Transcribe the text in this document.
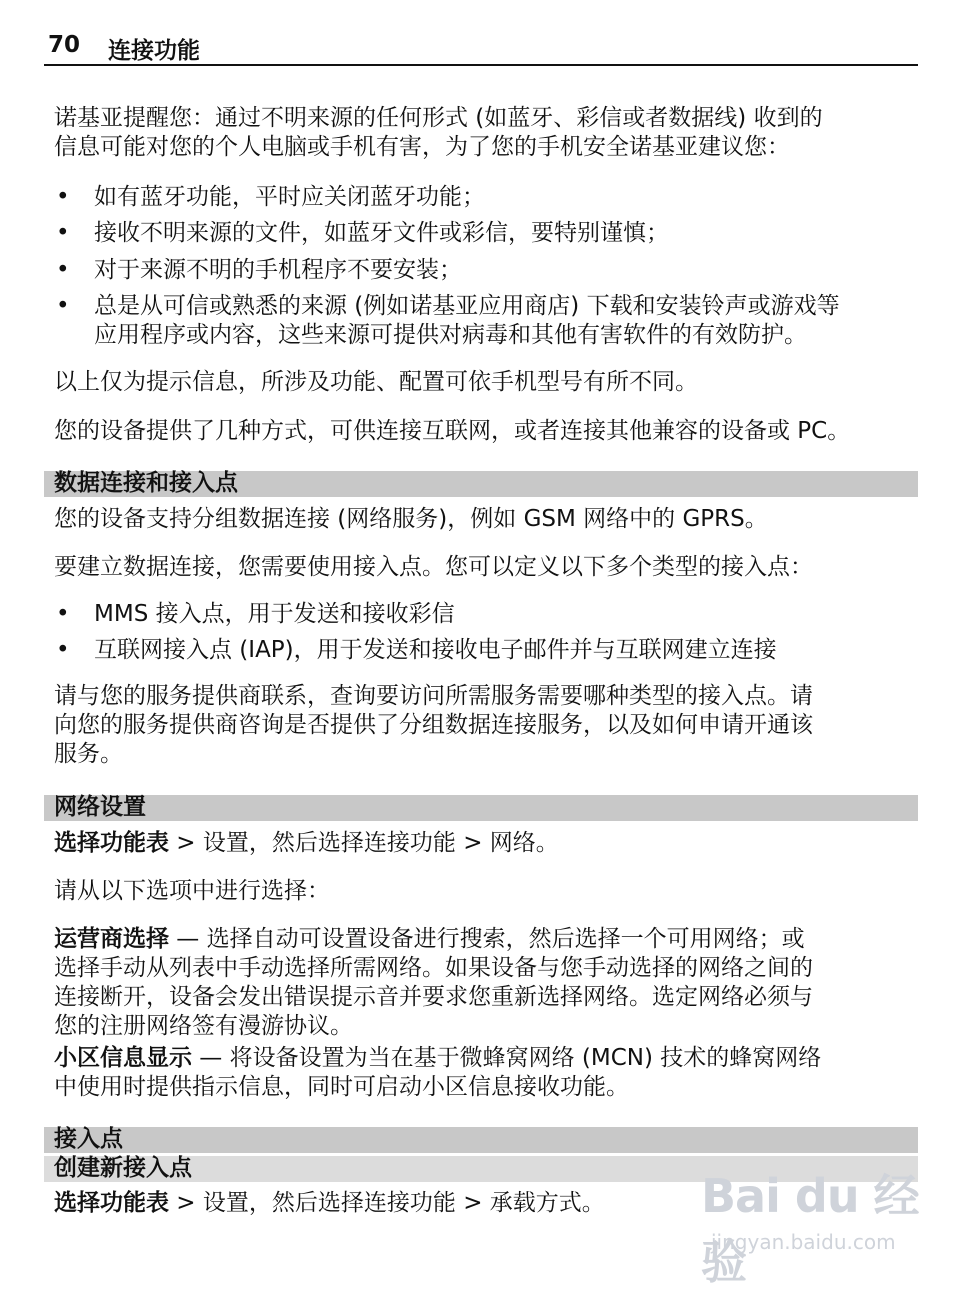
70 连接功能

诺基亚提醒您：通过不明来源的任何形式 (如蓝牙、彩信或者数据线) 收到的
信息可能对您的个人电脑或手机有害，为了您的手机安全诺基亚建议您：

• 如有蓝牙功能，平时应关闭蓝牙功能；
• 接收不明来源的文件，如蓝牙文件或彩信，要特别谨慎；
• 对于来源不明的手机程序不要安装；
• 总是从可信或熟悉的来源 (例如诺基亚应用商店) 下载和安装铃声或游戏等
应用程序或内容，这些来源可提供对病毒和其他有害软件的有效防护。

以上仅为提示信息，所涉及功能、配置可依手机型号有所不同。

您的设备提供了几种方式，可供连接互联网，或者连接其他兼容的设备或 PC。

数据连接和接入点

您的设备支持分组数据连接 (网络服务)，例如 GSM 网络中的 GPRS。

要建立数据连接，您需要使用接入点。您可以定义以下多个类型的接入点：

• MMS 接入点，用于发送和接收彩信
• 互联网接入点 (IAP)，用于发送和接收电子邮件并与互联网建立连接

请与您的服务提供商联系，查询要访问所需服务需要哪种类型的接入点。请
向您的服务提供商咨询是否提供了分组数据连接服务，以及如何申请开通该
服务。

网络设置

选择功能表 > 设置，然后选择连接功能 > 网络。

请从以下选项中进行选择：

运营商选择 — 选择自动可设置设备进行搜索，然后选择一个可用网络；或
选择手动从列表中手动选择所需网络。如果设备与您手动选择的网络之间的
连接断开，设备会发出错误提示音并要求您重新选择网络。选定网络必须与
您的注册网络签有漫游协议。

小区信息显示 — 将设备设置为当在基于微蜂窝网络 (MCN) 技术的蜂窝网络
中使用时提供指示信息，同时可启动小区信息接收功能。

接入点
创建新接入点

选择功能表 > 设置，然后选择连接功能 > 承载方式。	Bai du 经验
jingyan.baidu.com
